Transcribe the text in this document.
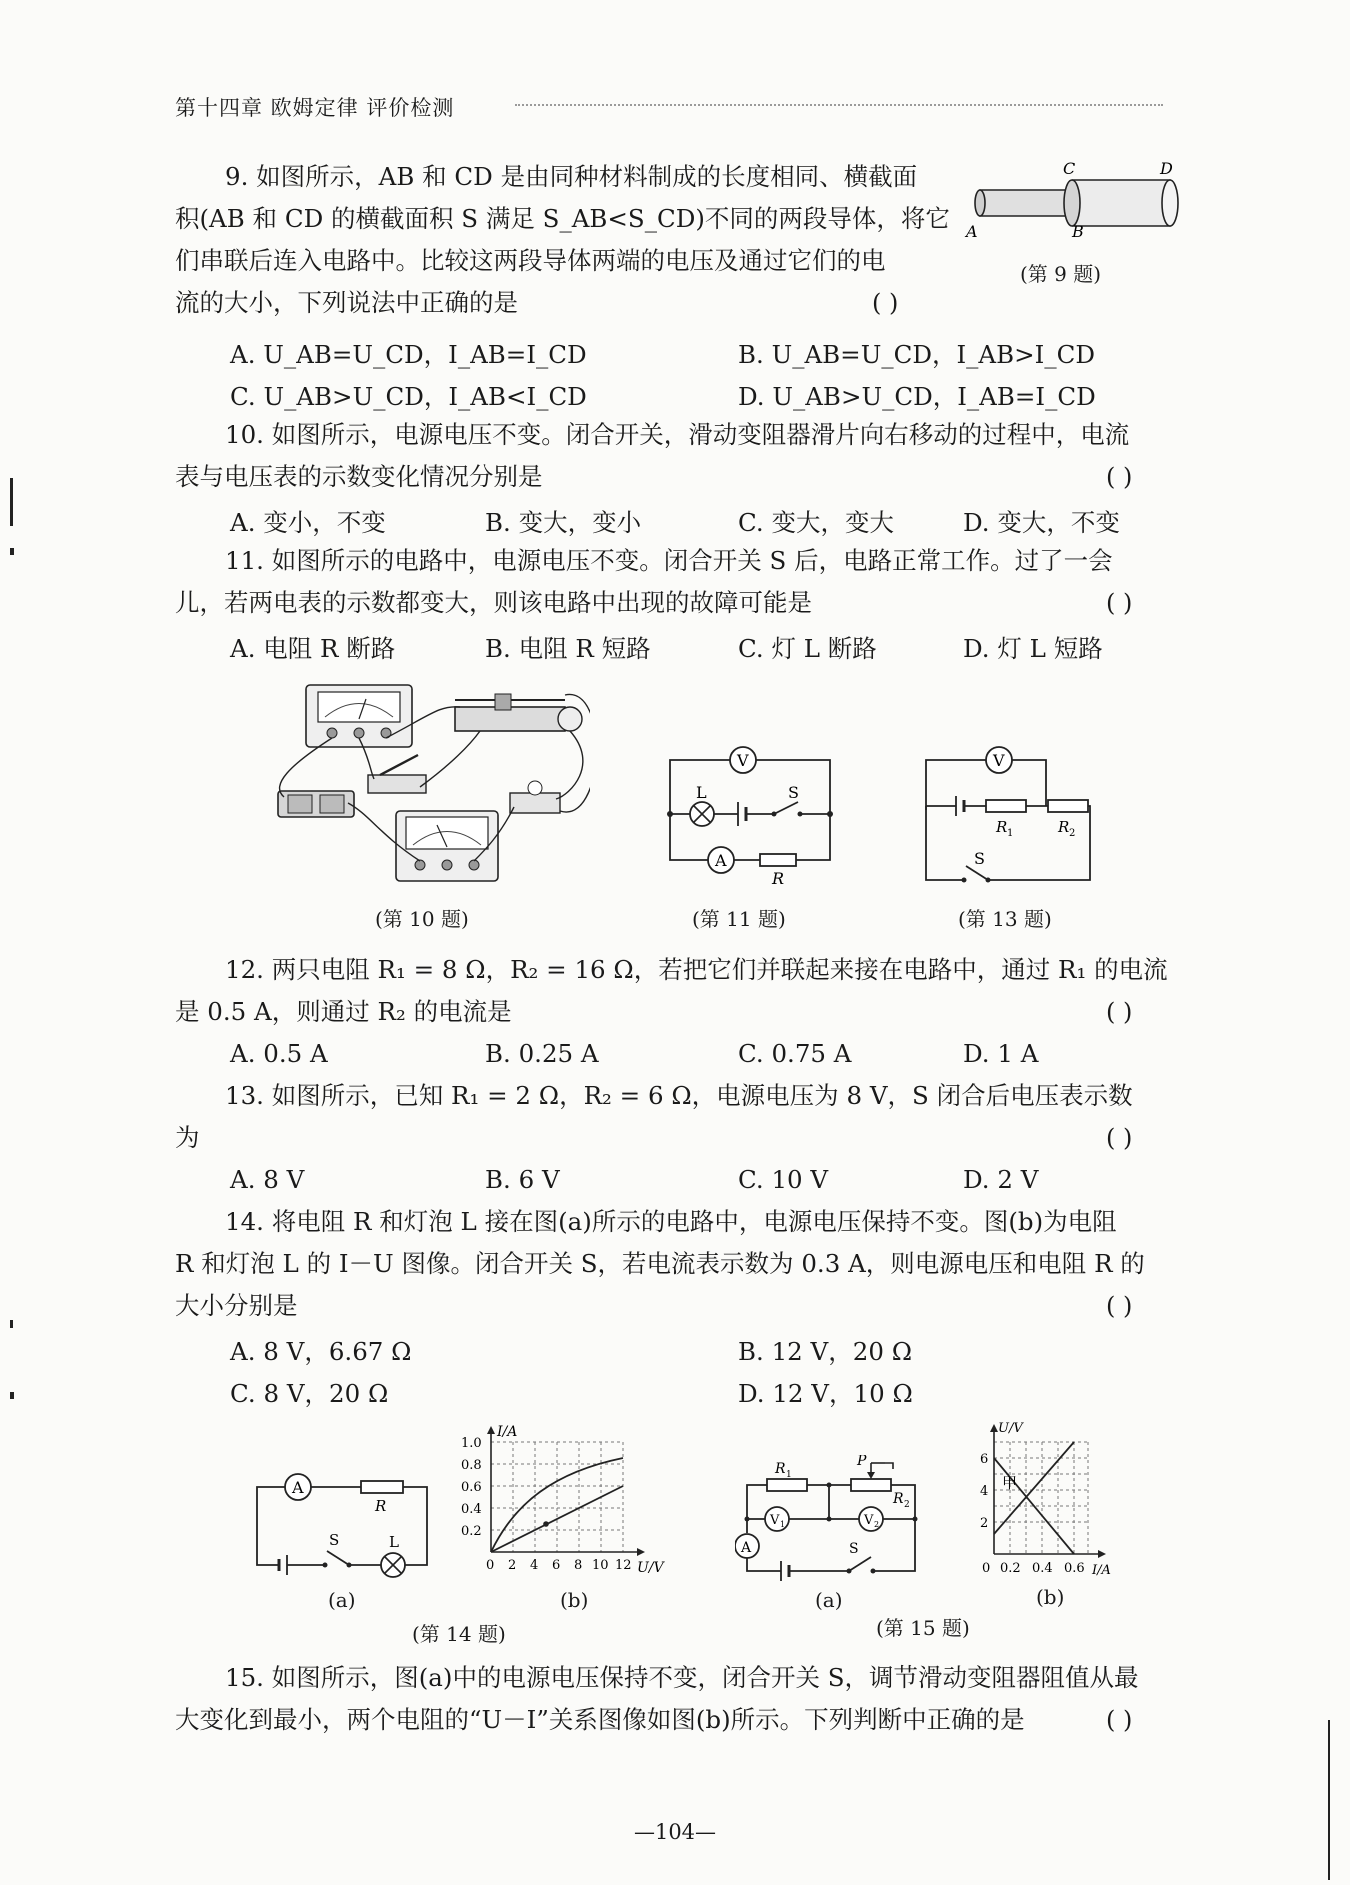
第十四章 欧姆定律 评价检测
9. 如图所示，AB 和 CD 是由同种材料制成的长度相同、横截面
积(AB 和 CD 的横截面积 S 满足 S_AB<S_CD)不同的两段导体，将它
们串联后连入电路中。比较这两段导体两端的电压及通过它们的电
流的大小，下列说法中正确的是	( )
A	B
C	D
(第 9 题)
A. U_AB=U_CD，I_AB=I_CD	B. U_AB=U_CD，I_AB>I_CD
C. U_AB>U_CD，I_AB<I_CD	D. U_AB>U_CD，I_AB=I_CD
10. 如图所示，电源电压不变。闭合开关，滑动变阻器滑片向右移动的过程中，电流
表与电压表的示数变化情况分别是	( )
A. 变小，不变	B. 变大，变小	C. 变大，变大	D. 变大，不变
11. 如图所示的电路中，电源电压不变。闭合开关 S 后，电路正常工作。过了一会
儿，若两电表的示数都变大，则该电路中出现的故障可能是	( )
A. 电阻 R 断路	B. 电阻 R 短路	C. 灯 L 断路	D. 灯 L 短路
(第 10 题)
V
L	S
A
R
(第 11 题)
V
R 1	R 2
S
(第 13 题)
12. 两只电阻 R₁ = 8 Ω，R₂ = 16 Ω，若把它们并联起来接在电路中，通过 R₁ 的电流
是 0.5 A，则通过 R₂ 的电流是	( )
A. 0.5 A	B. 0.25 A	C. 0.75 A	D. 1 A
13. 如图所示，已知 R₁ = 2 Ω，R₂ = 6 Ω，电源电压为 8 V，S 闭合后电压表示数
为	( )
A. 8 V	B. 6 V	C. 10 V	D. 2 V
14. 将电阻 R 和灯泡 L 接在图(a)所示的电路中，电源电压保持不变。图(b)为电阻
R 和灯泡 L 的 I－U 图像。闭合开关 S，若电流表示数为 0.3 A，则电源电压和电阻 R 的
大小分别是	( )
A. 8 V，6.67 Ω	B. 12 V，20 Ω
C. 8 V，20 Ω	D. 12 V，10 Ω
A
R
L
S
(a)
I/A
U/V
1.0
0.8
0.6
0.4
0.2
0 2 4 6 8 10 12
(b)
(第 14 题)
R 1
P
R 2
V 1	V 2
A	S
(a)
U/V
I/A
6
4
2
0 0.2 0.4 0.6
甲
(b)
(第 15 题)
15. 如图所示，图(a)中的电源电压保持不变，闭合开关 S，调节滑动变阻器阻值从最
大变化到最小，两个电阻的“U－I”关系图像如图(b)所示。下列判断中正确的是	( )
—104—
